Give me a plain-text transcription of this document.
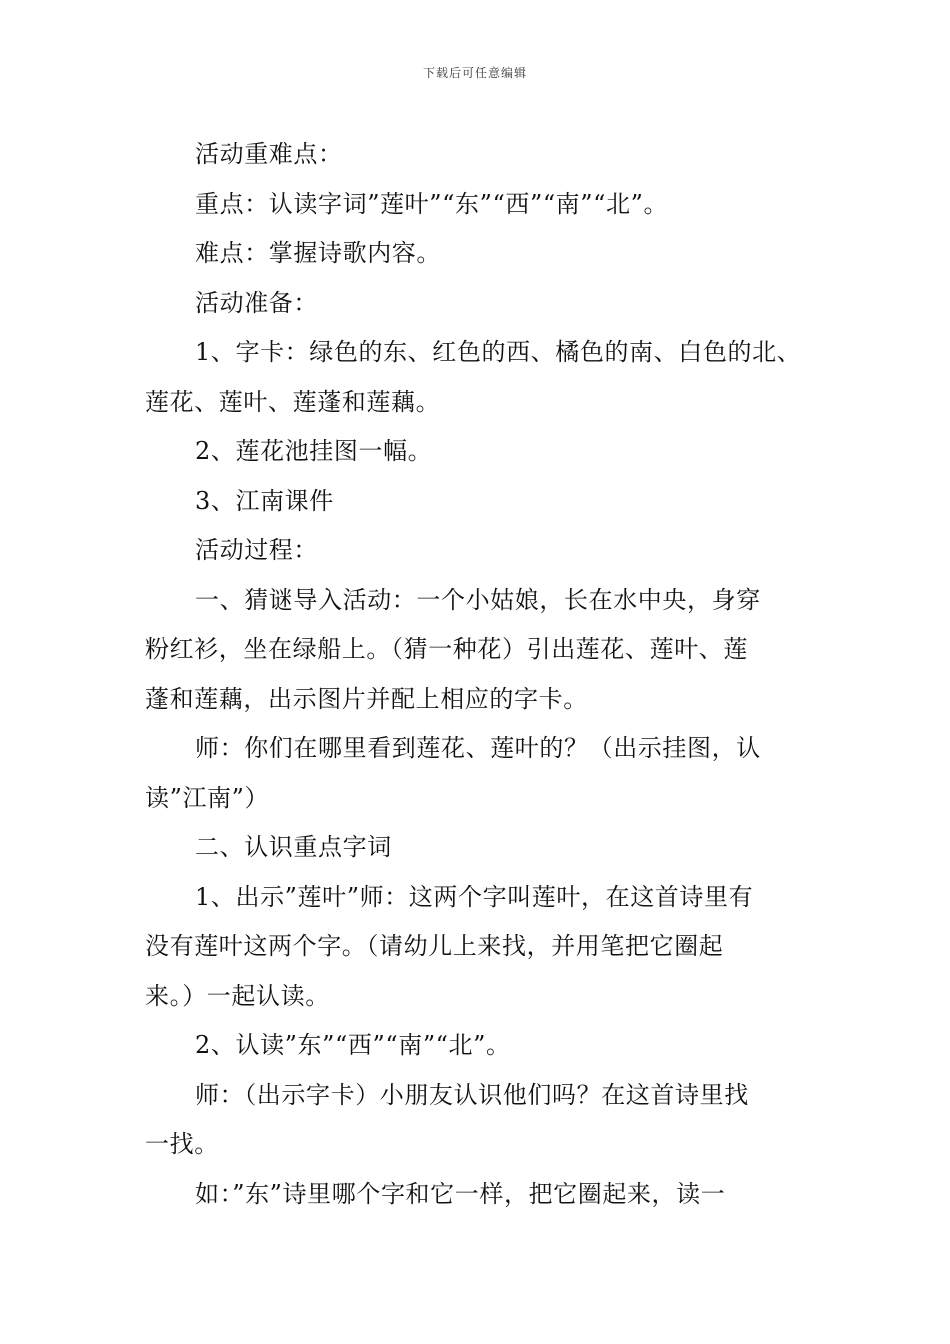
下载后可任意编辑

活动重难点：

重点：认读字词”莲叶”“东”“西”“南”“北”。

难点：掌握诗歌内容。

活动准备：

1、字卡：绿色的东、红色的西、橘色的南、白色的北、

莲花、莲叶、莲蓬和莲藕。

2、莲花池挂图一幅。

3、江南课件

活动过程：

一、猜谜导入活动：一个小姑娘，长在水中央，身穿

粉红衫，坐在绿船上。（猜一种花）引出莲花、莲叶、莲

蓬和莲藕，出示图片并配上相应的字卡。

师：你们在哪里看到莲花、莲叶的？（出示挂图，认

读”江南”）

二、认识重点字词

1、出示”莲叶”师：这两个字叫莲叶，在这首诗里有

没有莲叶这两个字。（请幼儿上来找，并用笔把它圈起

来。）一起认读。

2、认读”东”“西”“南”“北”。

师：（出示字卡）小朋友认识他们吗？在这首诗里找

一找。

如：”东”诗里哪个字和它一样，把它圈起来，读一
